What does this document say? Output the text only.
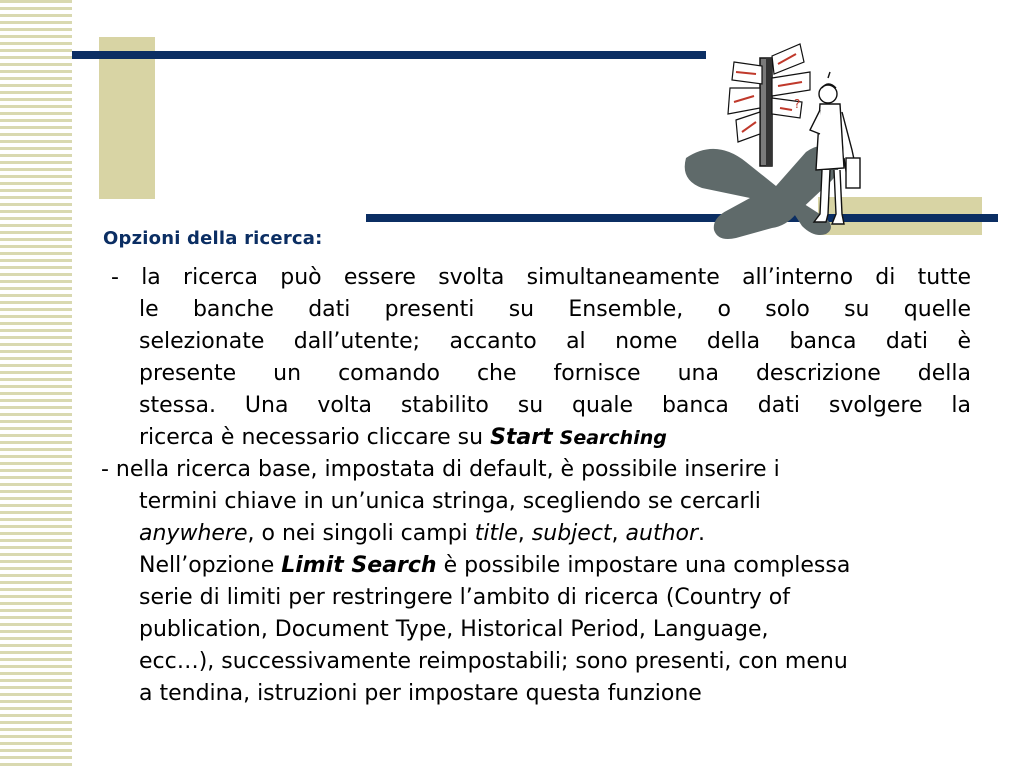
?
Opzioni della ricerca:
- la ricerca può essere svolta simultaneamente all’interno di tutte
le banche dati presenti su Ensemble, o solo su quelle
selezionate dall’utente; accanto al nome della banca dati è
presente un comando che fornisce una descrizione della
stessa. Una volta stabilito su quale banca dati svolgere la
ricerca è necessario cliccare su Start Searching
- nella ricerca base, impostata di default, è possibile inserire i
termini chiave in un’unica stringa, scegliendo se cercarli
anywhere, o nei singoli campi title, subject, author.
Nell’opzione Limit Search è possibile impostare una complessa
serie di limiti per restringere l’ambito di ricerca (Country of
publication, Document Type, Historical Period, Language,
ecc…), successivamente reimpostabili; sono presenti, con menu
a tendina, istruzioni per impostare questa funzione
